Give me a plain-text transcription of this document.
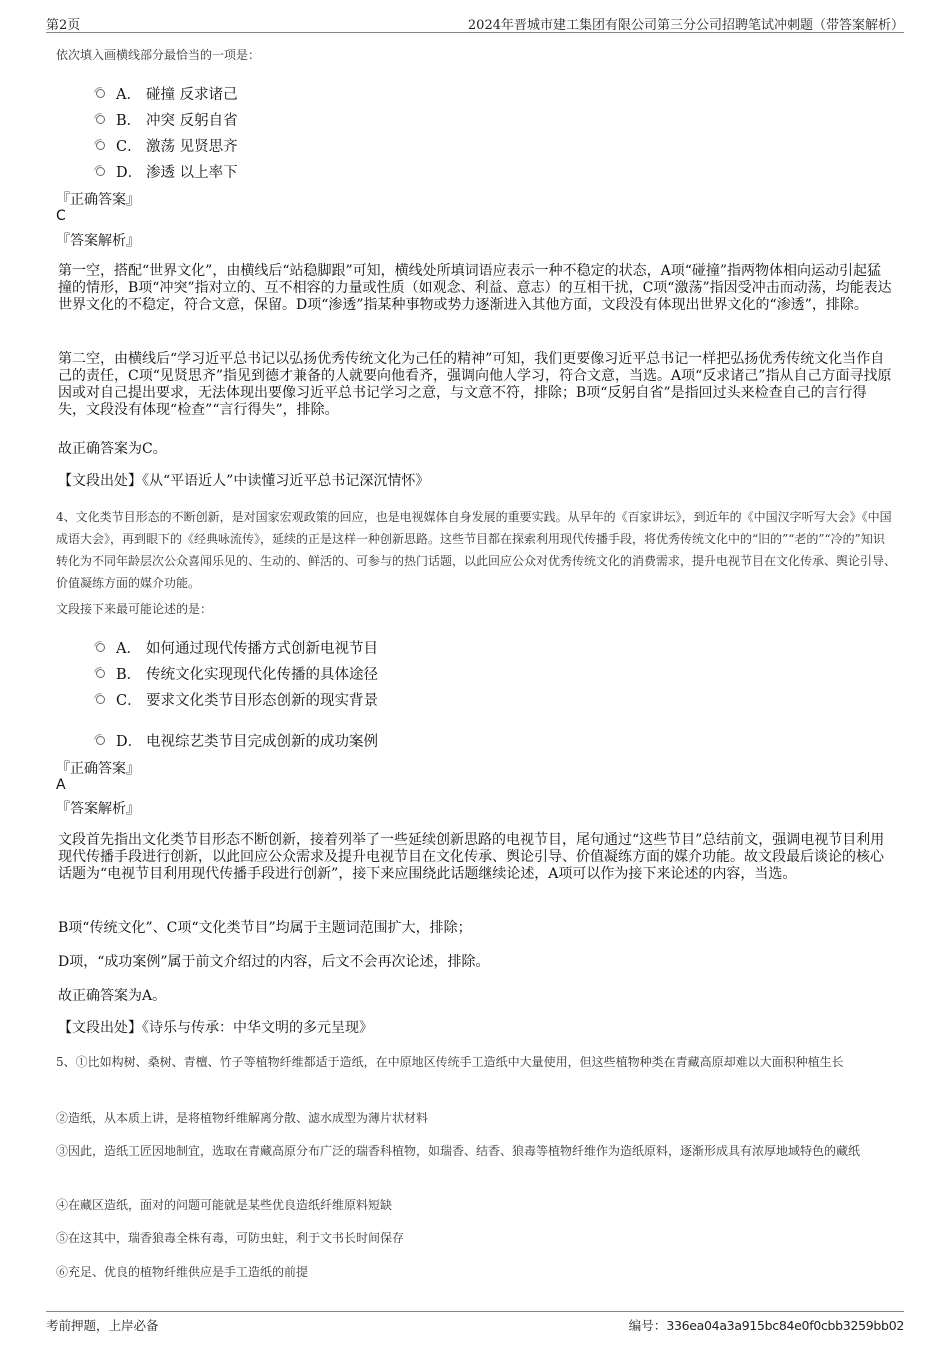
第2页	2024年晋城市建工集团有限公司第三分公司招聘笔试冲刺题（带答案解析）
依次填入画横线部分最恰当的一项是：
A． 碰撞 反求诸己
B． 冲突 反躬自省
C． 激荡 见贤思齐
D． 渗透 以上率下
『正确答案』
C
『答案解析』
第一空，搭配“世界文化”，由横线后“站稳脚跟”可知，横线处所填词语应表示一种不稳定的状态，A项“碰撞”指两物体相向运动引起猛撞的情形，B项“冲突”指对立的、互不相容的力量或性质（如观念、利益、意志）的互相干扰，C项“激荡”指因受冲击而动荡，均能表达世界文化的不稳定，符合文意，保留。D项“渗透”指某种事物或势力逐渐进入其他方面，文段没有体现出世界文化的“渗透”，排除。
第二空，由横线后“学习近平总书记以弘扬优秀传统文化为己任的精神”可知，我们更要像习近平总书记一样把弘扬优秀传统文化当作自己的责任，C项“见贤思齐”指见到德才兼备的人就要向他看齐，强调向他人学习，符合文意，当选。A项“反求诸己”指从自己方面寻找原因或对自己提出要求，无法体现出要像习近平总书记学习之意，与文意不符，排除；B项“反躬自省”是指回过头来检查自己的言行得失，文段没有体现“检查”“言行得失”，排除。
故正确答案为C。
【文段出处】《从“平语近人”中读懂习近平总书记深沉情怀》
4、文化类节目形态的不断创新，是对国家宏观政策的回应，也是电视媒体自身发展的重要实践。从早年的《百家讲坛》，到近年的《中国汉字听写大会》《中国成语大会》，再到眼下的《经典咏流传》，延续的正是这样一种创新思路。这些节目都在探索利用现代传播手段，将优秀传统文化中的“旧的”“老的”“冷的”知识转化为不同年龄层次公众喜闻乐见的、生动的、鲜活的、可参与的热门话题，以此回应公众对优秀传统文化的消费需求，提升电视节目在文化传承、舆论引导、价值凝练方面的媒介功能。
文段接下来最可能论述的是：
A． 如何通过现代传播方式创新电视节目
B． 传统文化实现现代化传播的具体途径
C． 要求文化类节目形态创新的现实背景
D． 电视综艺类节目完成创新的成功案例
『正确答案』
A
『答案解析』
文段首先指出文化类节目形态不断创新，接着列举了一些延续创新思路的电视节目，尾句通过“这些节目”总结前文，强调电视节目利用现代传播手段进行创新，以此回应公众需求及提升电视节目在文化传承、舆论引导、价值凝练方面的媒介功能。故文段最后谈论的核心话题为“电视节目利用现代传播手段进行创新”，接下来应围绕此话题继续论述，A项可以作为接下来论述的内容，当选。
B项“传统文化”、C项“文化类节目”均属于主题词范围扩大，排除；
D项，“成功案例”属于前文介绍过的内容，后文不会再次论述，排除。
故正确答案为A。
【文段出处】《诗乐与传承：中华文明的多元呈现》
5、①比如构树、桑树、青檀、竹子等植物纤维都适于造纸，在中原地区传统手工造纸中大量使用，但这些植物种类在青藏高原却难以大面积种植生长
②造纸，从本质上讲，是将植物纤维解离分散、滤水成型为薄片状材料
③因此，造纸工匠因地制宜，选取在青藏高原分布广泛的瑞香科植物，如瑞香、结香、狼毒等植物纤维作为造纸原料，逐渐形成具有浓厚地域特色的藏纸
④在藏区造纸，面对的问题可能就是某些优良造纸纤维原料短缺
⑤在这其中，瑞香狼毒全株有毒，可防虫蛀，利于文书长时间保存
⑥充足、优良的植物纤维供应是手工造纸的前提
考前押题，上岸必备	编号：336ea04a3a915bc84e0f0cbb3259bb02
